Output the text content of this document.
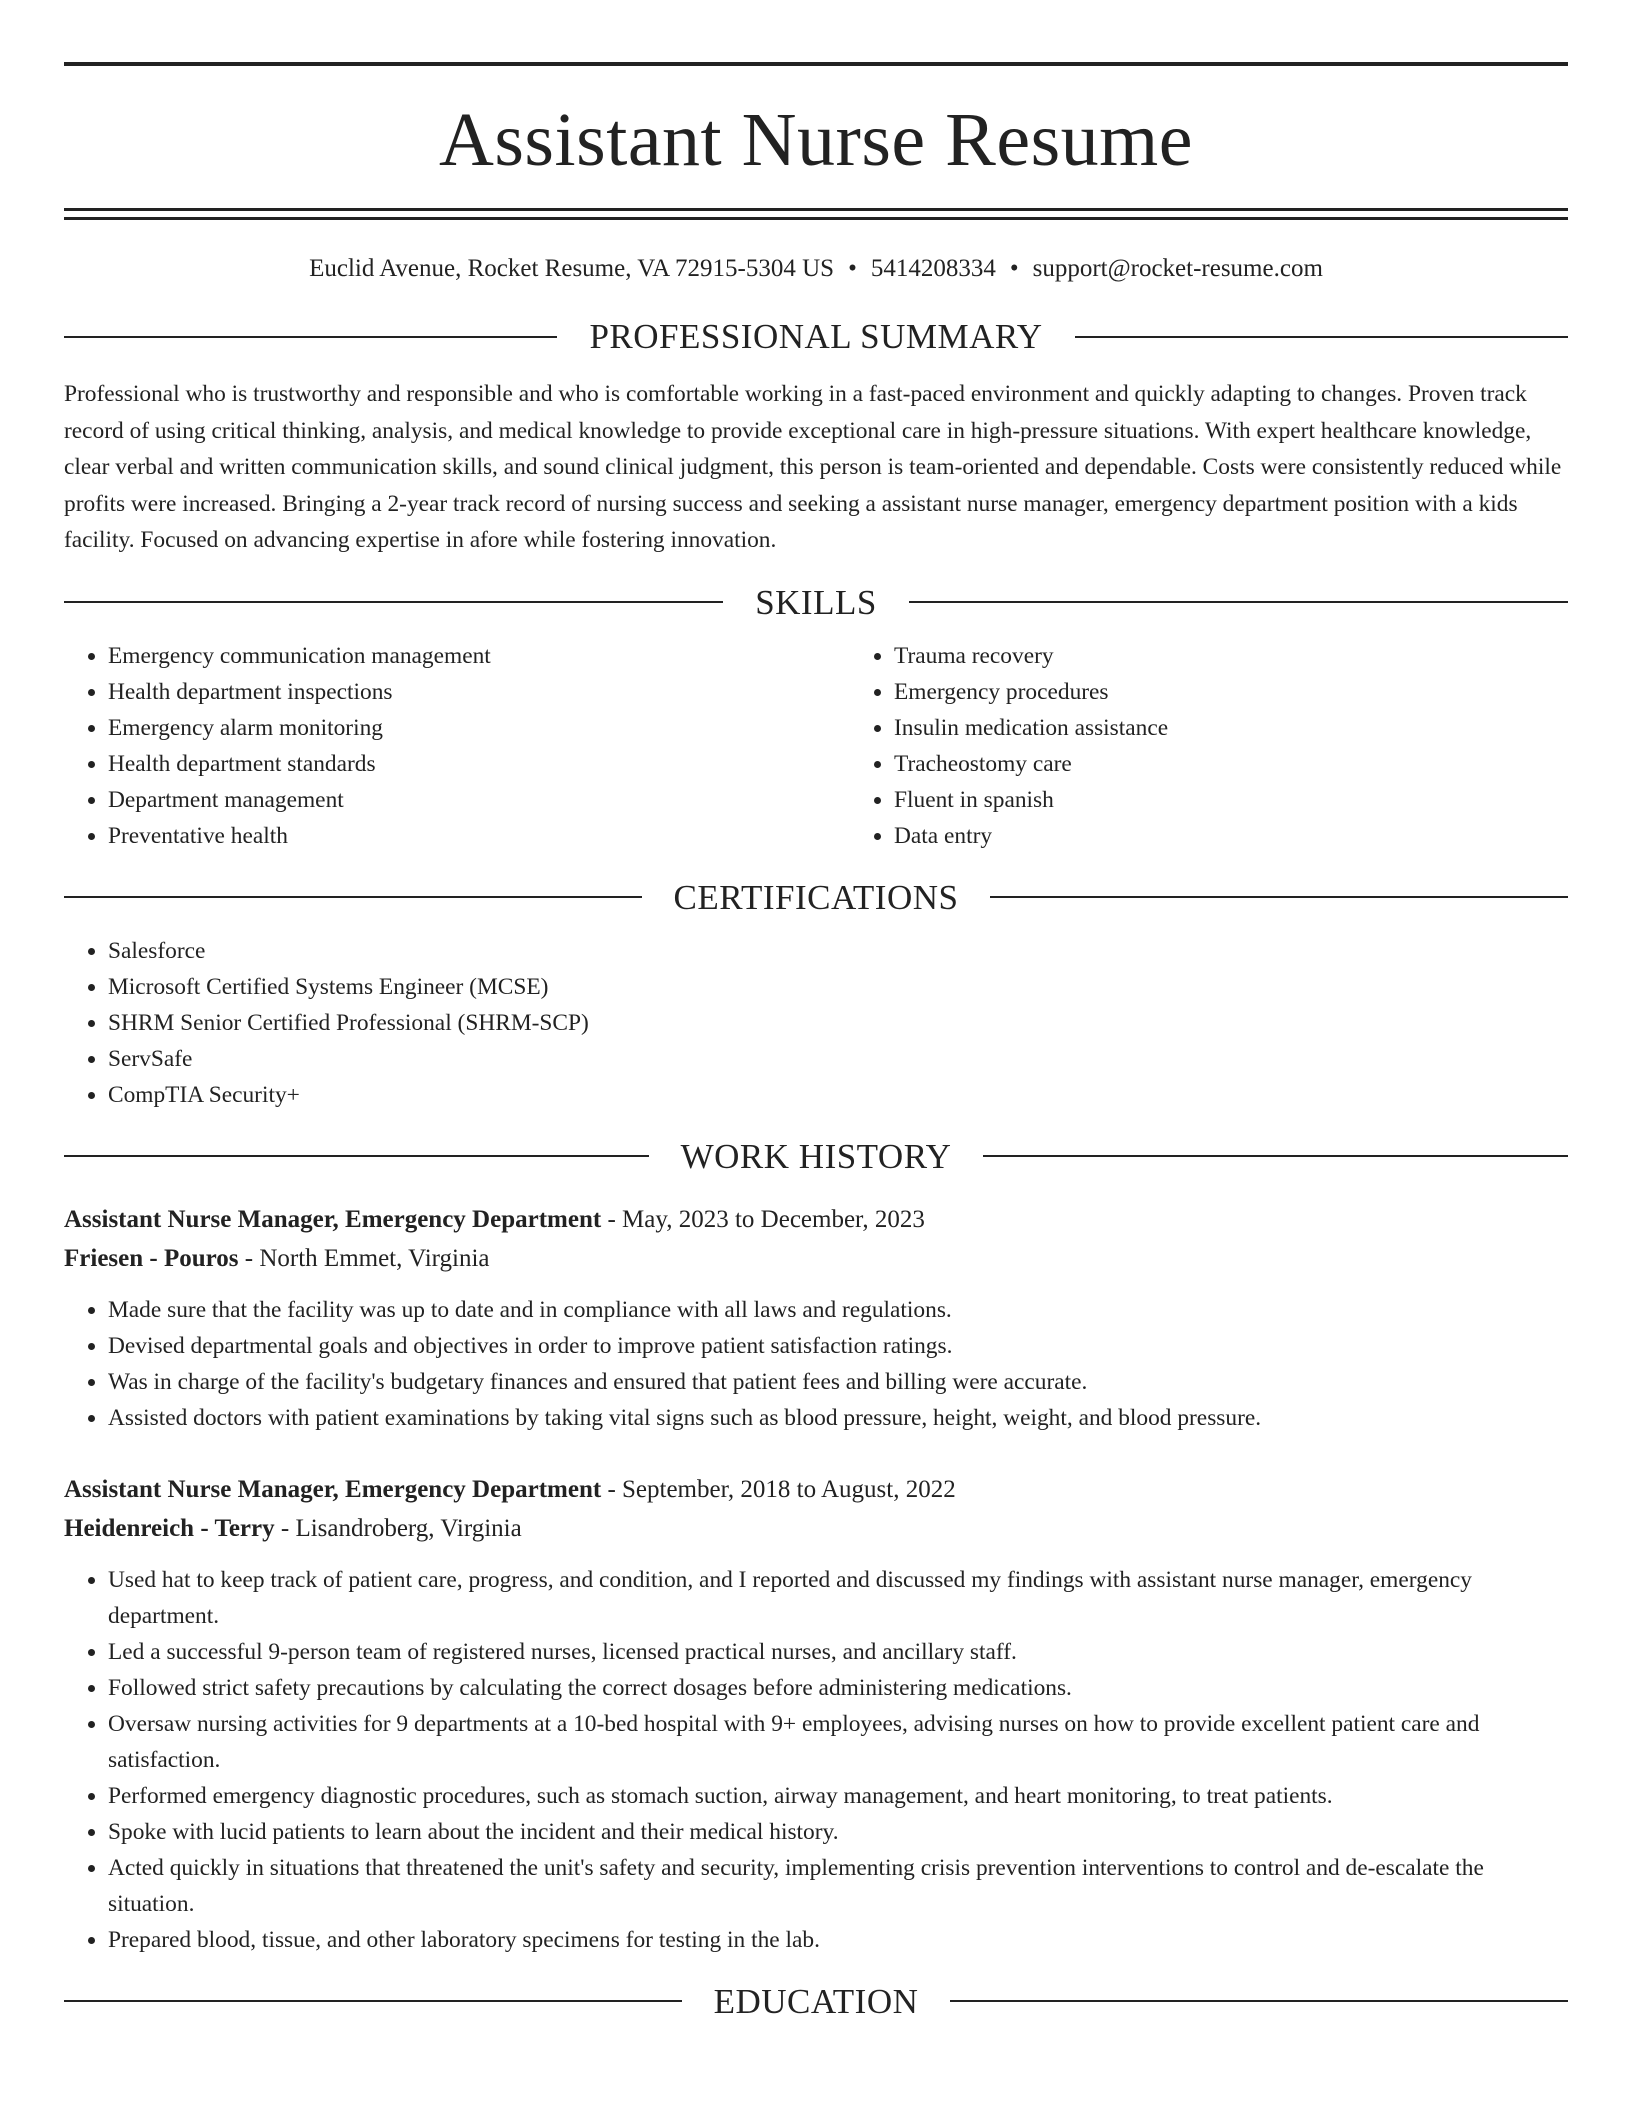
Assistant Nurse Resume
Euclid Avenue, Rocket Resume, VA 72915-5304 US • 5414208334 • support@rocket-resume.com
PROFESSIONAL SUMMARY

Professional who is trustworthy and responsible and who is comfortable working in a fast-paced environment and quickly adapting to changes. Proven track record of using critical thinking, analysis, and medical knowledge to provide exceptional care in high-pressure situations. With expert healthcare knowledge, clear verbal and written communication skills, and sound clinical judgment, this person is team-oriented and dependable. Costs were consistently reduced while profits were increased. Bringing a 2-year track record of nursing success and seeking a assistant nurse manager, emergency department position with a kids facility. Focused on advancing expertise in afore while fostering innovation.

SKILLS
• Emergency communication management
• Health department inspections
• Emergency alarm monitoring
• Health department standards
• Department management
• Preventative health
• Trauma recovery
• Emergency procedures
• Insulin medication assistance
• Tracheostomy care
• Fluent in spanish
• Data entry
CERTIFICATIONS
• Salesforce
• Microsoft Certified Systems Engineer (MCSE)
• SHRM Senior Certified Professional (SHRM-SCP)
• ServSafe
• CompTIA Security+
WORK HISTORY
Assistant Nurse Manager, Emergency Department - May, 2023 to December, 2023
Friesen - Pouros - North Emmet, Virginia
• Made sure that the facility was up to date and in compliance with all laws and regulations.
• Devised departmental goals and objectives in order to improve patient satisfaction ratings.
• Was in charge of the facility's budgetary finances and ensured that patient fees and billing were accurate.
• Assisted doctors with patient examinations by taking vital signs such as blood pressure, height, weight, and blood pressure.
Assistant Nurse Manager, Emergency Department - September, 2018 to August, 2022
Heidenreich - Terry - Lisandroberg, Virginia
• Used hat to keep track of patient care, progress, and condition, and I reported and discussed my findings with assistant nurse manager, emergency department.
• Led a successful 9-person team of registered nurses, licensed practical nurses, and ancillary staff.
• Followed strict safety precautions by calculating the correct dosages before administering medications.
• Oversaw nursing activities for 9 departments at a 10-bed hospital with 9+ employees, advising nurses on how to provide excellent patient care and satisfaction.
• Performed emergency diagnostic procedures, such as stomach suction, airway management, and heart monitoring, to treat patients.
• Spoke with lucid patients to learn about the incident and their medical history.
• Acted quickly in situations that threatened the unit's safety and security, implementing crisis prevention interventions to control and de-escalate the situation.
• Prepared blood, tissue, and other laboratory specimens for testing in the lab.
EDUCATION
